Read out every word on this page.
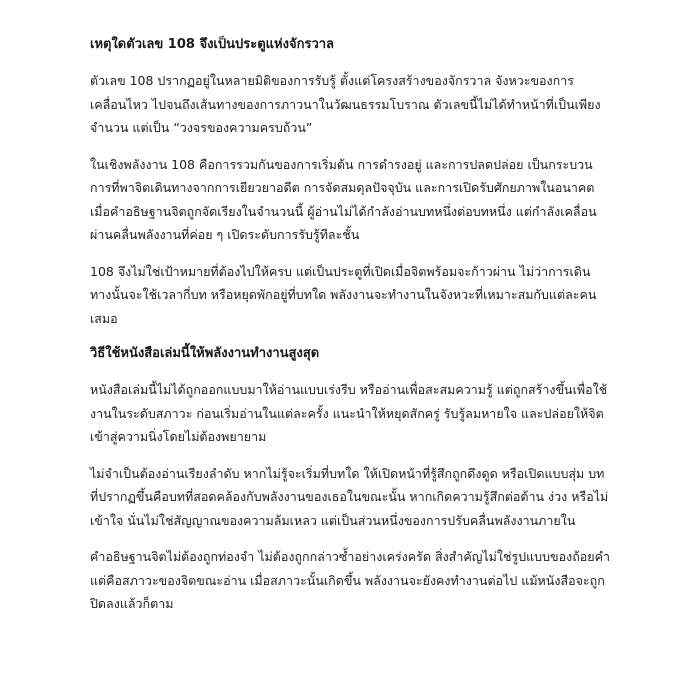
เหตุใดตัวเลข 108 จึงเป็นประตูแห่งจักรวาล

ตัวเลข 108 ปรากฏอยู่ในหลายมิติของการรับรู้ ตั้งแต่โครงสร้างของจักรวาล จังหวะของการเคลื่อนไหว ไปจนถึงเส้นทางของการภาวนาในวัฒนธรรมโบราณ ตัวเลขนี้ไม่ได้ทำหน้าที่เป็นเพียงจำนวน แต่เป็น “วงจรของความครบถ้วน”

ในเชิงพลังงาน 108 คือการรวมกันของการเริ่มต้น การดำรงอยู่ และการปลดปล่อย เป็นกระบวนการที่พาจิตเดินทางจากการเยียวยาอดีต การจัดสมดุลปัจจุบัน และการเปิดรับศักยภาพในอนาคต เมื่อคำอธิษฐานจิตถูกจัดเรียงในจำนวนนี้ ผู้อ่านไม่ได้กำลังอ่านบทหนึ่งต่อบทหนึ่ง แต่กำลังเคลื่อนผ่านคลื่นพลังงานที่ค่อย ๆ เปิดระดับการรับรู้ทีละชั้น

108 จึงไม่ใช่เป้าหมายที่ต้องไปให้ครบ แต่เป็นประตูที่เปิดเมื่อจิตพร้อมจะก้าวผ่าน ไม่ว่าการเดินทางนั้นจะใช้เวลากี่บท หรือหยุดพักอยู่ที่บทใด พลังงานจะทำงานในจังหวะที่เหมาะสมกับแต่ละคนเสมอ

วิธีใช้หนังสือเล่มนี้ให้พลังงานทำงานสูงสุด

หนังสือเล่มนี้ไม่ได้ถูกออกแบบมาให้อ่านแบบเร่งรีบ หรืออ่านเพื่อสะสมความรู้ แต่ถูกสร้างขึ้นเพื่อใช้งานในระดับสภาวะ ก่อนเริ่มอ่านในแต่ละครั้ง แนะนำให้หยุดสักครู่ รับรู้ลมหายใจ และปล่อยให้จิตเข้าสู่ความนิ่งโดยไม่ต้องพยายาม

ไม่จำเป็นต้องอ่านเรียงลำดับ หากไม่รู้จะเริ่มที่บทใด ให้เปิดหน้าที่รู้สึกถูกดึงดูด หรือเปิดแบบสุ่ม บทที่ปรากฏขึ้นคือบทที่สอดคล้องกับพลังงานของเธอในขณะนั้น หากเกิดความรู้สึกต่อต้าน ง่วง หรือไม่เข้าใจ นั่นไม่ใช่สัญญาณของความล้มเหลว แต่เป็นส่วนหนึ่งของการปรับคลื่นพลังงานภายใน

คำอธิษฐานจิตไม่ต้องถูกท่องจำ ไม่ต้องถูกกล่าวซ้ำอย่างเคร่งครัด สิ่งสำคัญไม่ใช่รูปแบบของถ้อยคำ แต่คือสภาวะของจิตขณะอ่าน เมื่อสภาวะนั้นเกิดขึ้น พลังงานจะยังคงทำงานต่อไป แม้หนังสือจะถูกปิดลงแล้วก็ตาม
